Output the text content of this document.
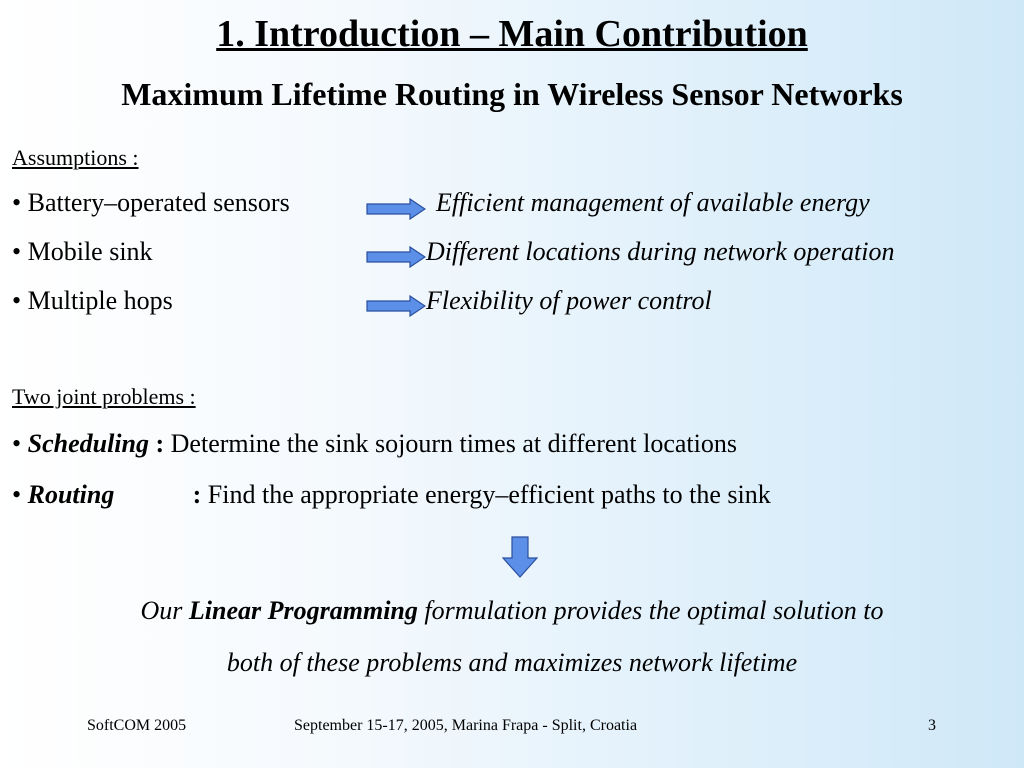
1. Introduction – Main Contribution
Maximum Lifetime Routing in Wireless Sensor Networks
Assumptions :
• Battery–operated sensors	Efficient management of available energy
• Mobile sink	Different locations during network operation
• Multiple hops	Flexibility of power control
Two joint problems :
• Scheduling : Determine the sink sojourn times at different locations
• Routing	: Find the appropriate energy–efficient paths to the sink
Our Linear Programming formulation provides the optimal solution to
both of these problems and maximizes network lifetime
SoftCOM 2005	September 15-17, 2005, Marina Frapa - Split, Croatia	3
